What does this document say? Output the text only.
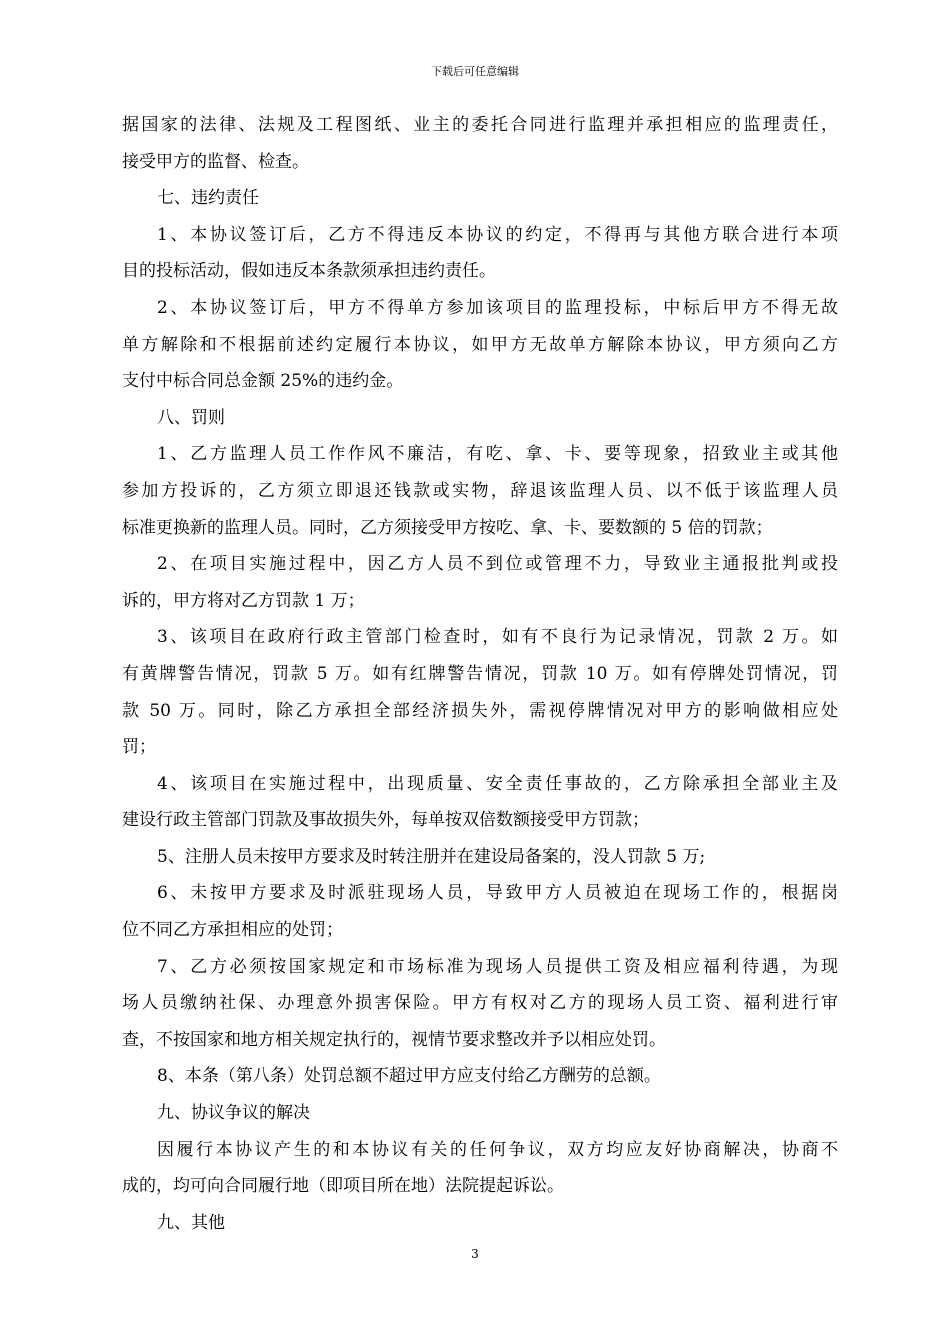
下载后可任意编辑
据国家的法律、法规及工程图纸、业主的委托合同进行监理并承担相应的监理责任，
接受甲方的监督、检查。
七、违约责任
1、本协议签订后，乙方不得违反本协议的约定，不得再与其他方联合进行本项
目的投标活动，假如违反本条款须承担违约责任。
2、本协议签订后，甲方不得单方参加该项目的监理投标，中标后甲方不得无故
单方解除和不根据前述约定履行本协议，如甲方无故单方解除本协议，甲方须向乙方
支付中标合同总金额 25%的违约金。
八、罚则
1、乙方监理人员工作作风不廉洁，有吃、拿、卡、要等现象，招致业主或其他
参加方投诉的，乙方须立即退还钱款或实物，辞退该监理人员、以不低于该监理人员
标准更换新的监理人员。同时，乙方须接受甲方按吃、拿、卡、要数额的 5 倍的罚款；
2、在项目实施过程中，因乙方人员不到位或管理不力，导致业主通报批判或投
诉的，甲方将对乙方罚款 1 万；
3、该项目在政府行政主管部门检查时，如有不良行为记录情况，罚款 2 万。如
有黄牌警告情况，罚款 5 万。如有红牌警告情况，罚款 10 万。如有停牌处罚情况，罚
款 50 万。同时，除乙方承担全部经济损失外，需视停牌情况对甲方的影响做相应处
罚；
4、该项目在实施过程中，出现质量、安全责任事故的，乙方除承担全部业主及
建设行政主管部门罚款及事故损失外，每单按双倍数额接受甲方罚款；
5、注册人员未按甲方要求及时转注册并在建设局备案的，没人罚款 5 万;
6、未按甲方要求及时派驻现场人员，导致甲方人员被迫在现场工作的，根据岗
位不同乙方承担相应的处罚；
7、乙方必须按国家规定和市场标准为现场人员提供工资及相应福利待遇，为现
场人员缴纳社保、办理意外损害保险。甲方有权对乙方的现场人员工资、福利进行审
查，不按国家和地方相关规定执行的，视情节要求整改并予以相应处罚。
8、本条（第八条）处罚总额不超过甲方应支付给乙方酬劳的总额。
九、协议争议的解决
因履行本协议产生的和本协议有关的任何争议，双方均应友好协商解决，协商不
成的，均可向合同履行地（即项目所在地）法院提起诉讼。
九、其他
3
